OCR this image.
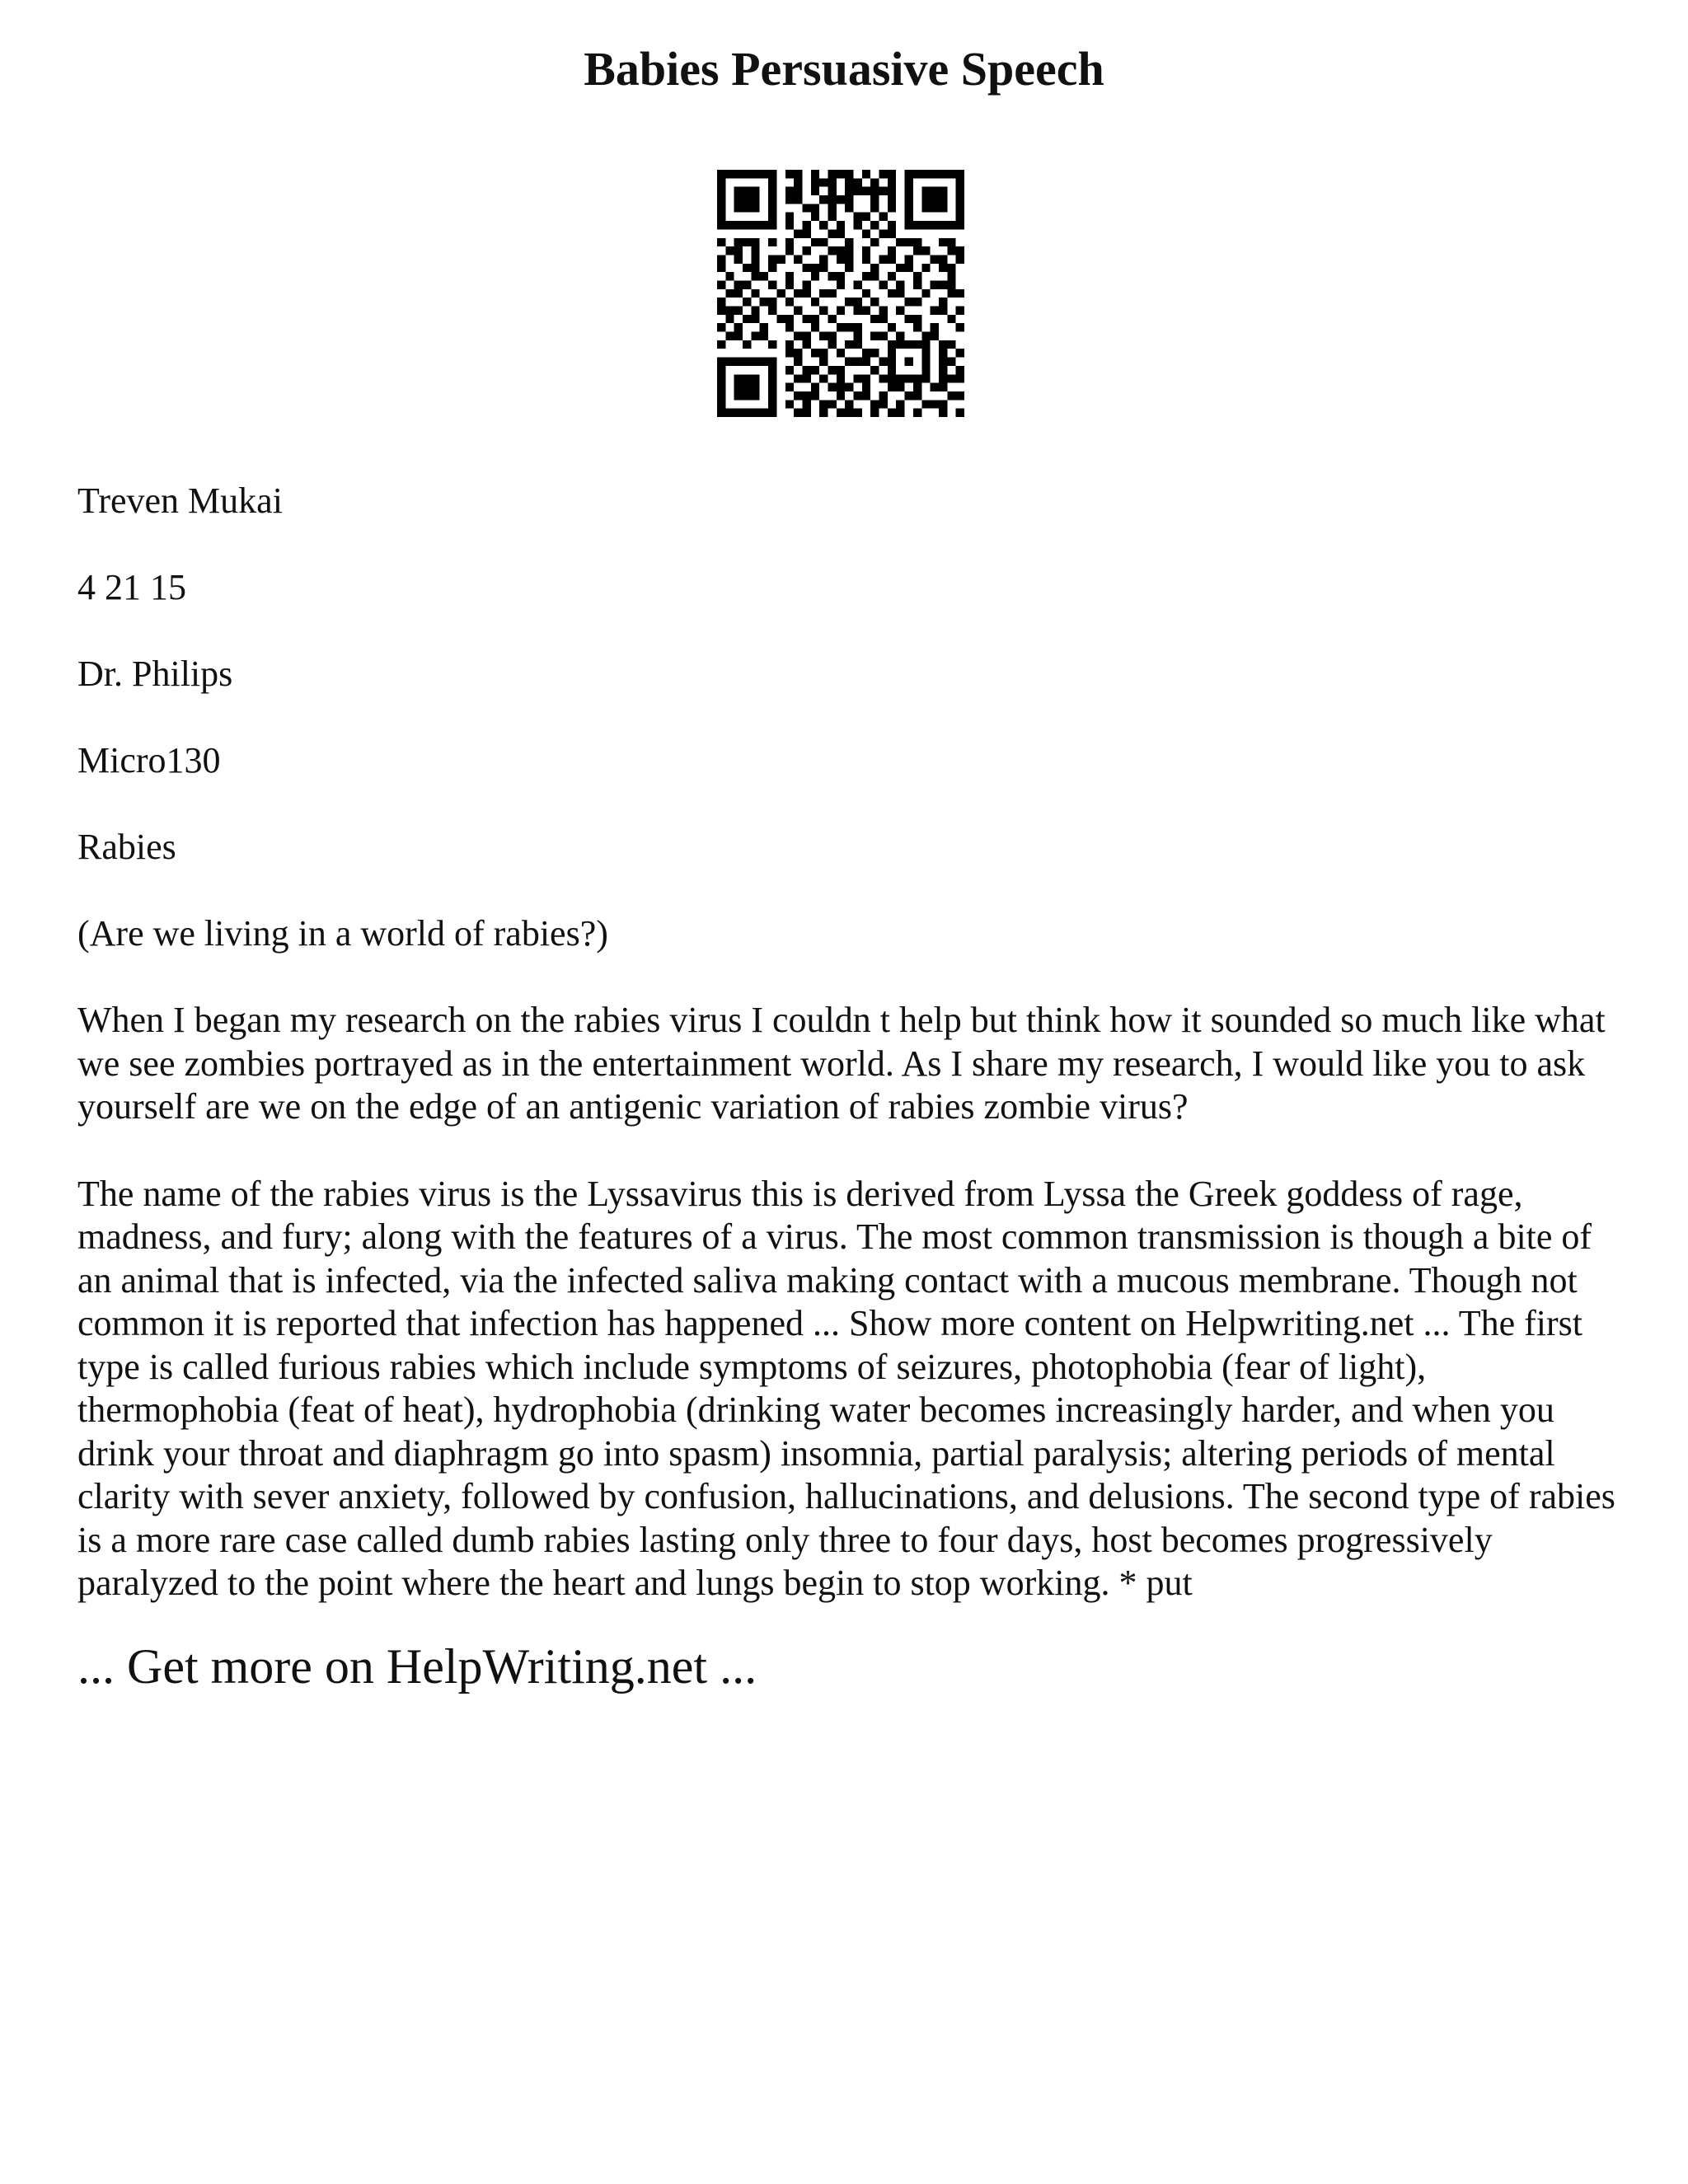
Babies Persuasive Speech

Treven Mukai

4 21 15

Dr. Philips

Micro130

Rabies

(Are we living in a world of rabies?)

When I began my research on the rabies virus I couldn t help but think how it sounded so much like what we see zombies portrayed as in the entertainment world. As I share my research, I would like you to ask yourself are we on the edge of an antigenic variation of rabies zombie virus?

The name of the rabies virus is the Lyssavirus this is derived from Lyssa the Greek goddess of rage, madness, and fury; along with the features of a virus. The most common transmission is though a bite of an animal that is infected, via the infected saliva making contact with a mucous membrane. Though not common it is reported that infection has happened ... Show more content on Helpwriting.net ... The first type is called furious rabies which include symptoms of seizures, photophobia (fear of light), thermophobia (feat of heat), hydrophobia (drinking water becomes increasingly harder, and when you drink your throat and diaphragm go into spasm) insomnia, partial paralysis; altering periods of mental clarity with sever anxiety, followed by confusion, hallucinations, and delusions. The second type of rabies is a more rare case called dumb rabies lasting only three to four days, host becomes progressively paralyzed to the point where the heart and lungs begin to stop working. * put

... Get more on HelpWriting.net ...
